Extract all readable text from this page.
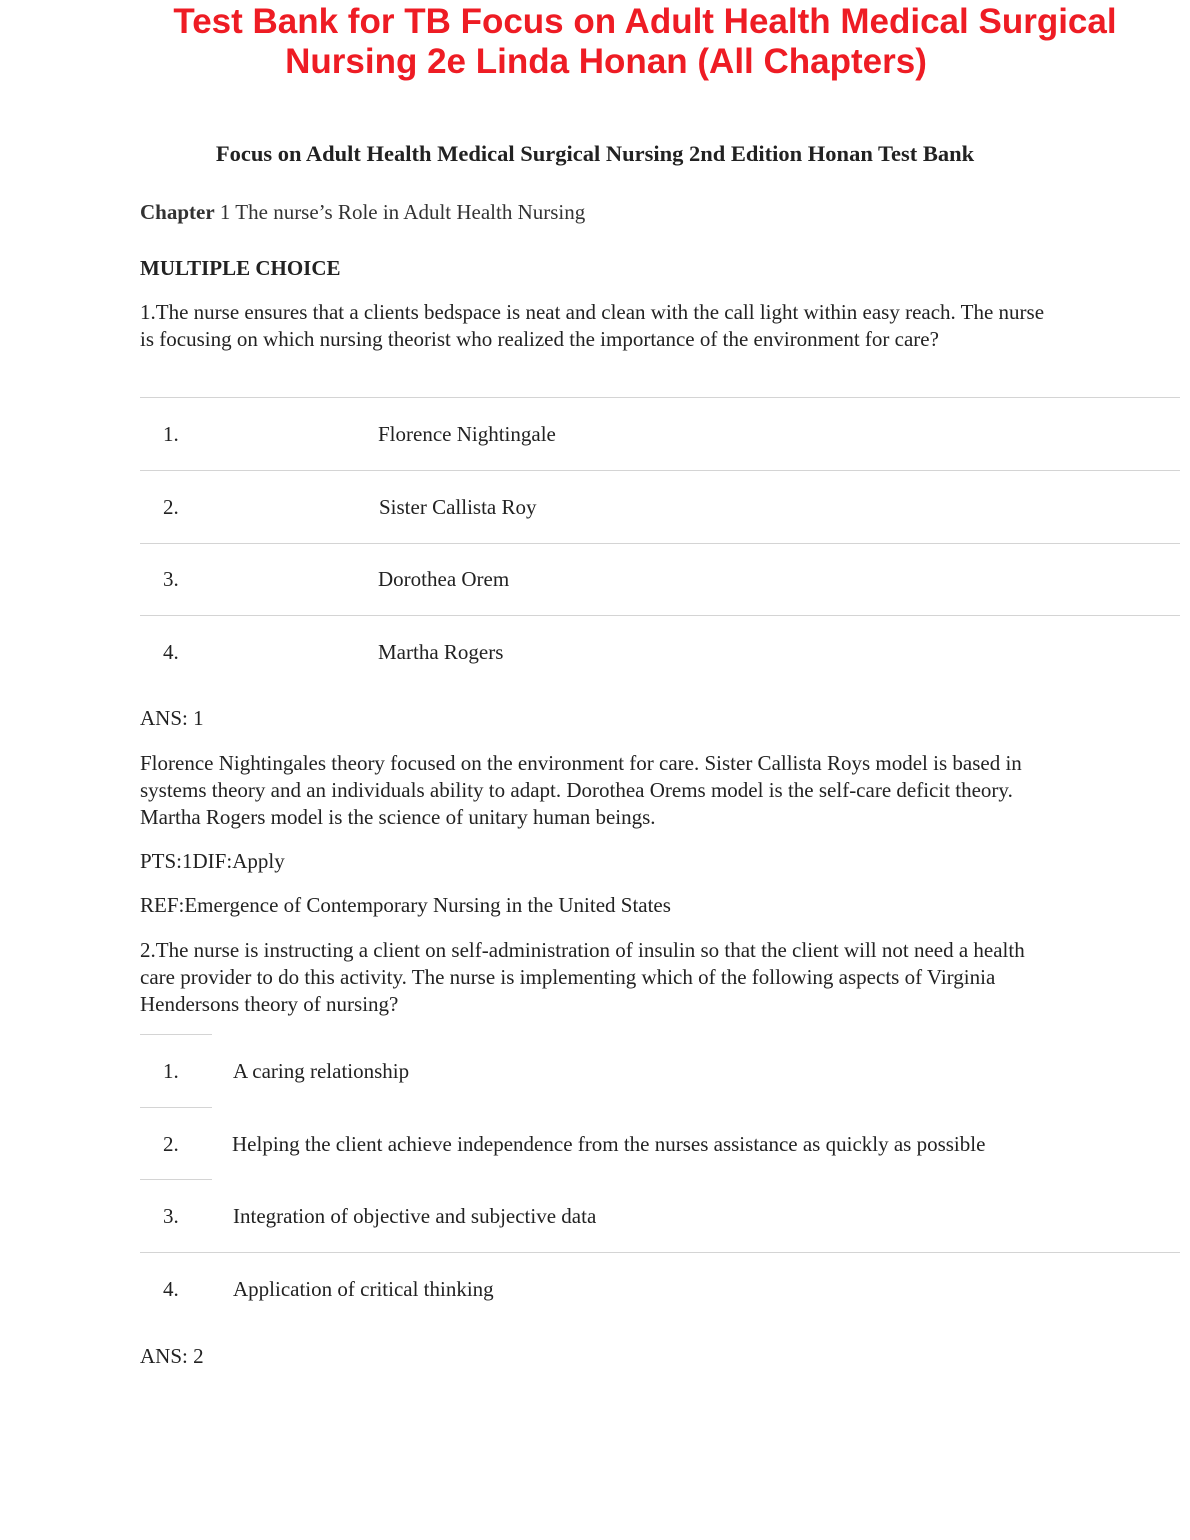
Test Bank for TB Focus on Adult Health Medical Surgical
Nursing 2e Linda Honan (All Chapters)
Focus on Adult Health Medical Surgical Nursing 2nd Edition Honan Test Bank
Chapter 1 The nurse’s Role in Adult Health Nursing
MULTIPLE CHOICE
1.The nurse ensures that a clients bedspace is neat and clean with the call light within easy reach. The nurse is focusing on which nursing theorist who realized the importance of the environment for care?
1.	Florence Nightingale
2.	Sister Callista Roy
3.	Dorothea Orem
4.	Martha Rogers
ANS: 1
Florence Nightingales theory focused on the environment for care. Sister Callista Roys model is based in systems theory and an individuals ability to adapt. Dorothea Orems model is the self-care deficit theory. Martha Rogers model is the science of unitary human beings.
PTS:1DIF:Apply
REF:Emergence of Contemporary Nursing in the United States
2.The nurse is instructing a client on self-administration of insulin so that the client will not need a health care provider to do this activity. The nurse is implementing which of the following aspects of Virginia Hendersons theory of nursing?
1.	A caring relationship
2.	Helping the client achieve independence from the nurses assistance as quickly as possible
3.	Integration of objective and subjective data
4.	Application of critical thinking
ANS: 2
